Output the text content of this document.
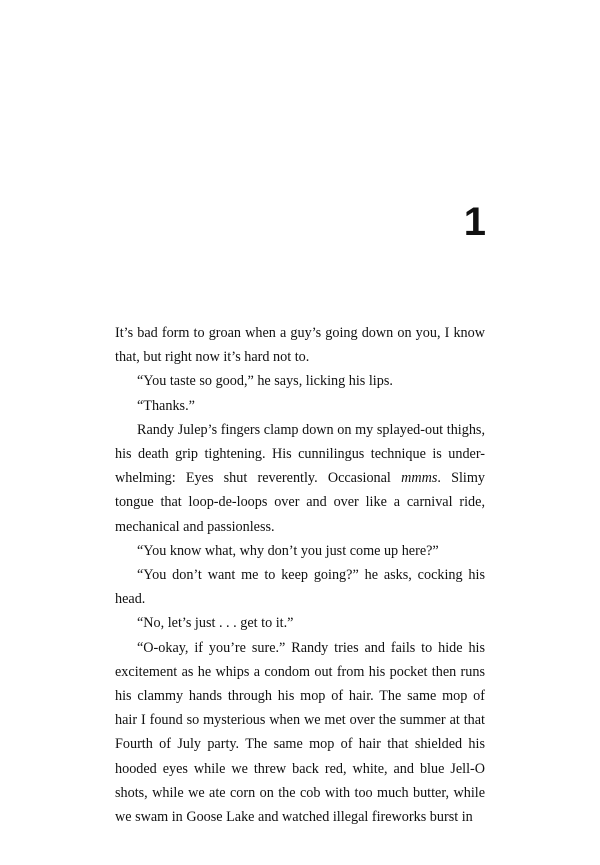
1

It’s bad form to groan when a guy’s going down on you, I know that, but right now it’s hard not to.

“You taste so good,” he says, licking his lips.

“Thanks.”

Randy Julep’s fingers clamp down on my splayed-out thighs, his death grip tightening. His cunnilingus technique is under-whelming: Eyes shut reverently. Occasional mmms. Slimy tongue that loop-de-loops over and over like a carnival ride, mechanical and passionless.

“You know what, why don’t you just come up here?”

“You don’t want me to keep going?” he asks, cocking his head.

“No, let’s just . . . get to it.”

“O-okay, if you’re sure.” Randy tries and fails to hide his excitement as he whips a condom out from his pocket then runs his clammy hands through his mop of hair. The same mop of hair I found so mysterious when we met over the summer at that Fourth of July party. The same mop of hair that shielded his hooded eyes while we threw back red, white, and blue Jell-O shots, while we ate corn on the cob with too much butter, while we swam in Goose Lake and watched illegal fireworks burst in
